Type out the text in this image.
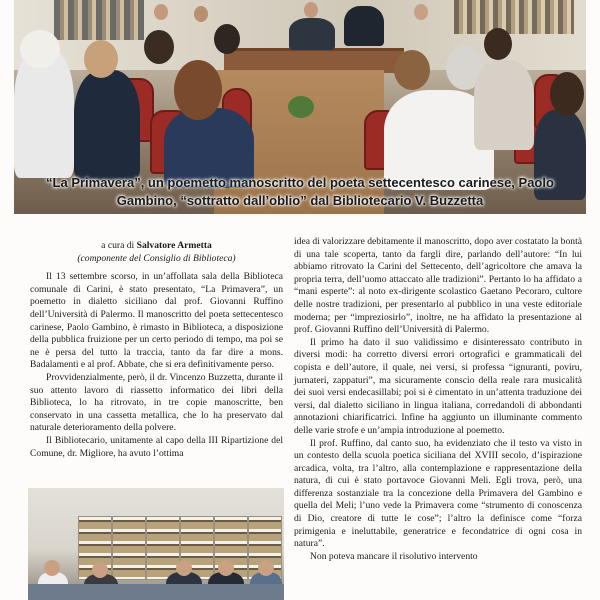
“La Primavera”, un poemetto manoscritto del poeta settecentesco carinese, Paolo
Gambino, “sottratto dall’oblio” dal Bibliotecario V. Buzzetta
a cura di Salvatore Armetta
(componente del Consiglio di Biblioteca)

Il 13 settembre scorso, in un’affollata sala della Biblioteca comunale di Carini, è stato presentato, “La Primavera”, un poemetto in dialetto siciliano dal prof. Giovanni Ruffino dell’Università di Palermo. Il manoscritto del poeta settecentesco carinese, Paolo Gambino, è rimasto in Biblioteca, a disposizione della pubblica fruizione per un certo periodo di tempo, ma poi se ne è persa del tutto la traccia, tanto da far dire a mons. Badalamenti e al prof. Abbate, che si era definitivamente perso.

Provvidenzialmente, però, il dr. Vincenzo Buzzetta, durante il suo attento lavoro di riassetto informatico dei libri della Biblioteca, lo ha ritrovato, in tre copie manoscritte, ben conservato in una cassetta metallica, che lo ha preservato dal naturale deterioramento della polvere.

Il Bibliotecario, unitamente al capo della III Ripartizione del Comune, dr. Migliore, ha avuto l’ottima

idea di valorizzare debitamente il manoscritto, dopo aver costatato la bontà di una tale scoperta, tanto da fargli dire, parlando dell’autore: “In lui abbiamo ritrovato la Carini del Settecento, dell’agricoltore che amava la propria terra, dell’uomo attaccato alle tradizioni”. Pertanto lo ha affidato a “mani esperte”: al noto ex-dirigente scolastico Gaetano Pecoraro, cultore delle nostre tradizioni, per presentarlo al pubblico in una veste editoriale moderna; per “impreziosirlo”, inoltre, ne ha affidato la presentazione al prof. Giovanni Ruffino dell’Università di Palermo.

Il primo ha dato il suo validissimo e disinteressato contributo in diversi modi: ha corretto diversi errori ortografici e grammaticali del copista e dell’autore, il quale, nei versi, si professa “ignuranti, poviru, jurnateri, zappaturi”, ma sicuramente conscio della reale rara musicalità dei suoi versi endecasillabi; poi si è cimentato in un’attenta traduzione dei versi, dal dialetto siciliano in lingua italiana, corredandoli di abbondanti annotazioni chiarificatrici. Infine ha aggiunto un illuminante commento delle varie strofe e un’ampia introduzione al poemetto.

Il prof. Ruffino, dal canto suo, ha evidenziato che il testo va visto in un contesto della scuola poetica siciliana del XVIII secolo, d’ispirazione arcadica, volta, tra l’altro, alla contemplazione e rappresentazione della natura, di cui è stato portavoce Giovanni Meli. Egli trova, però, una differenza sostanziale tra la concezione della Primavera del Gambino e quella del Meli; l’uno vede la Primavera come “strumento di conoscenza di Dio, creatore di tutte le cose”; l’altro la definisce come “forza primigenia e ineluttabile, generatrice e fecondatrice di ogni cosa in natura”.

Non poteva mancare il risolutivo intervento
